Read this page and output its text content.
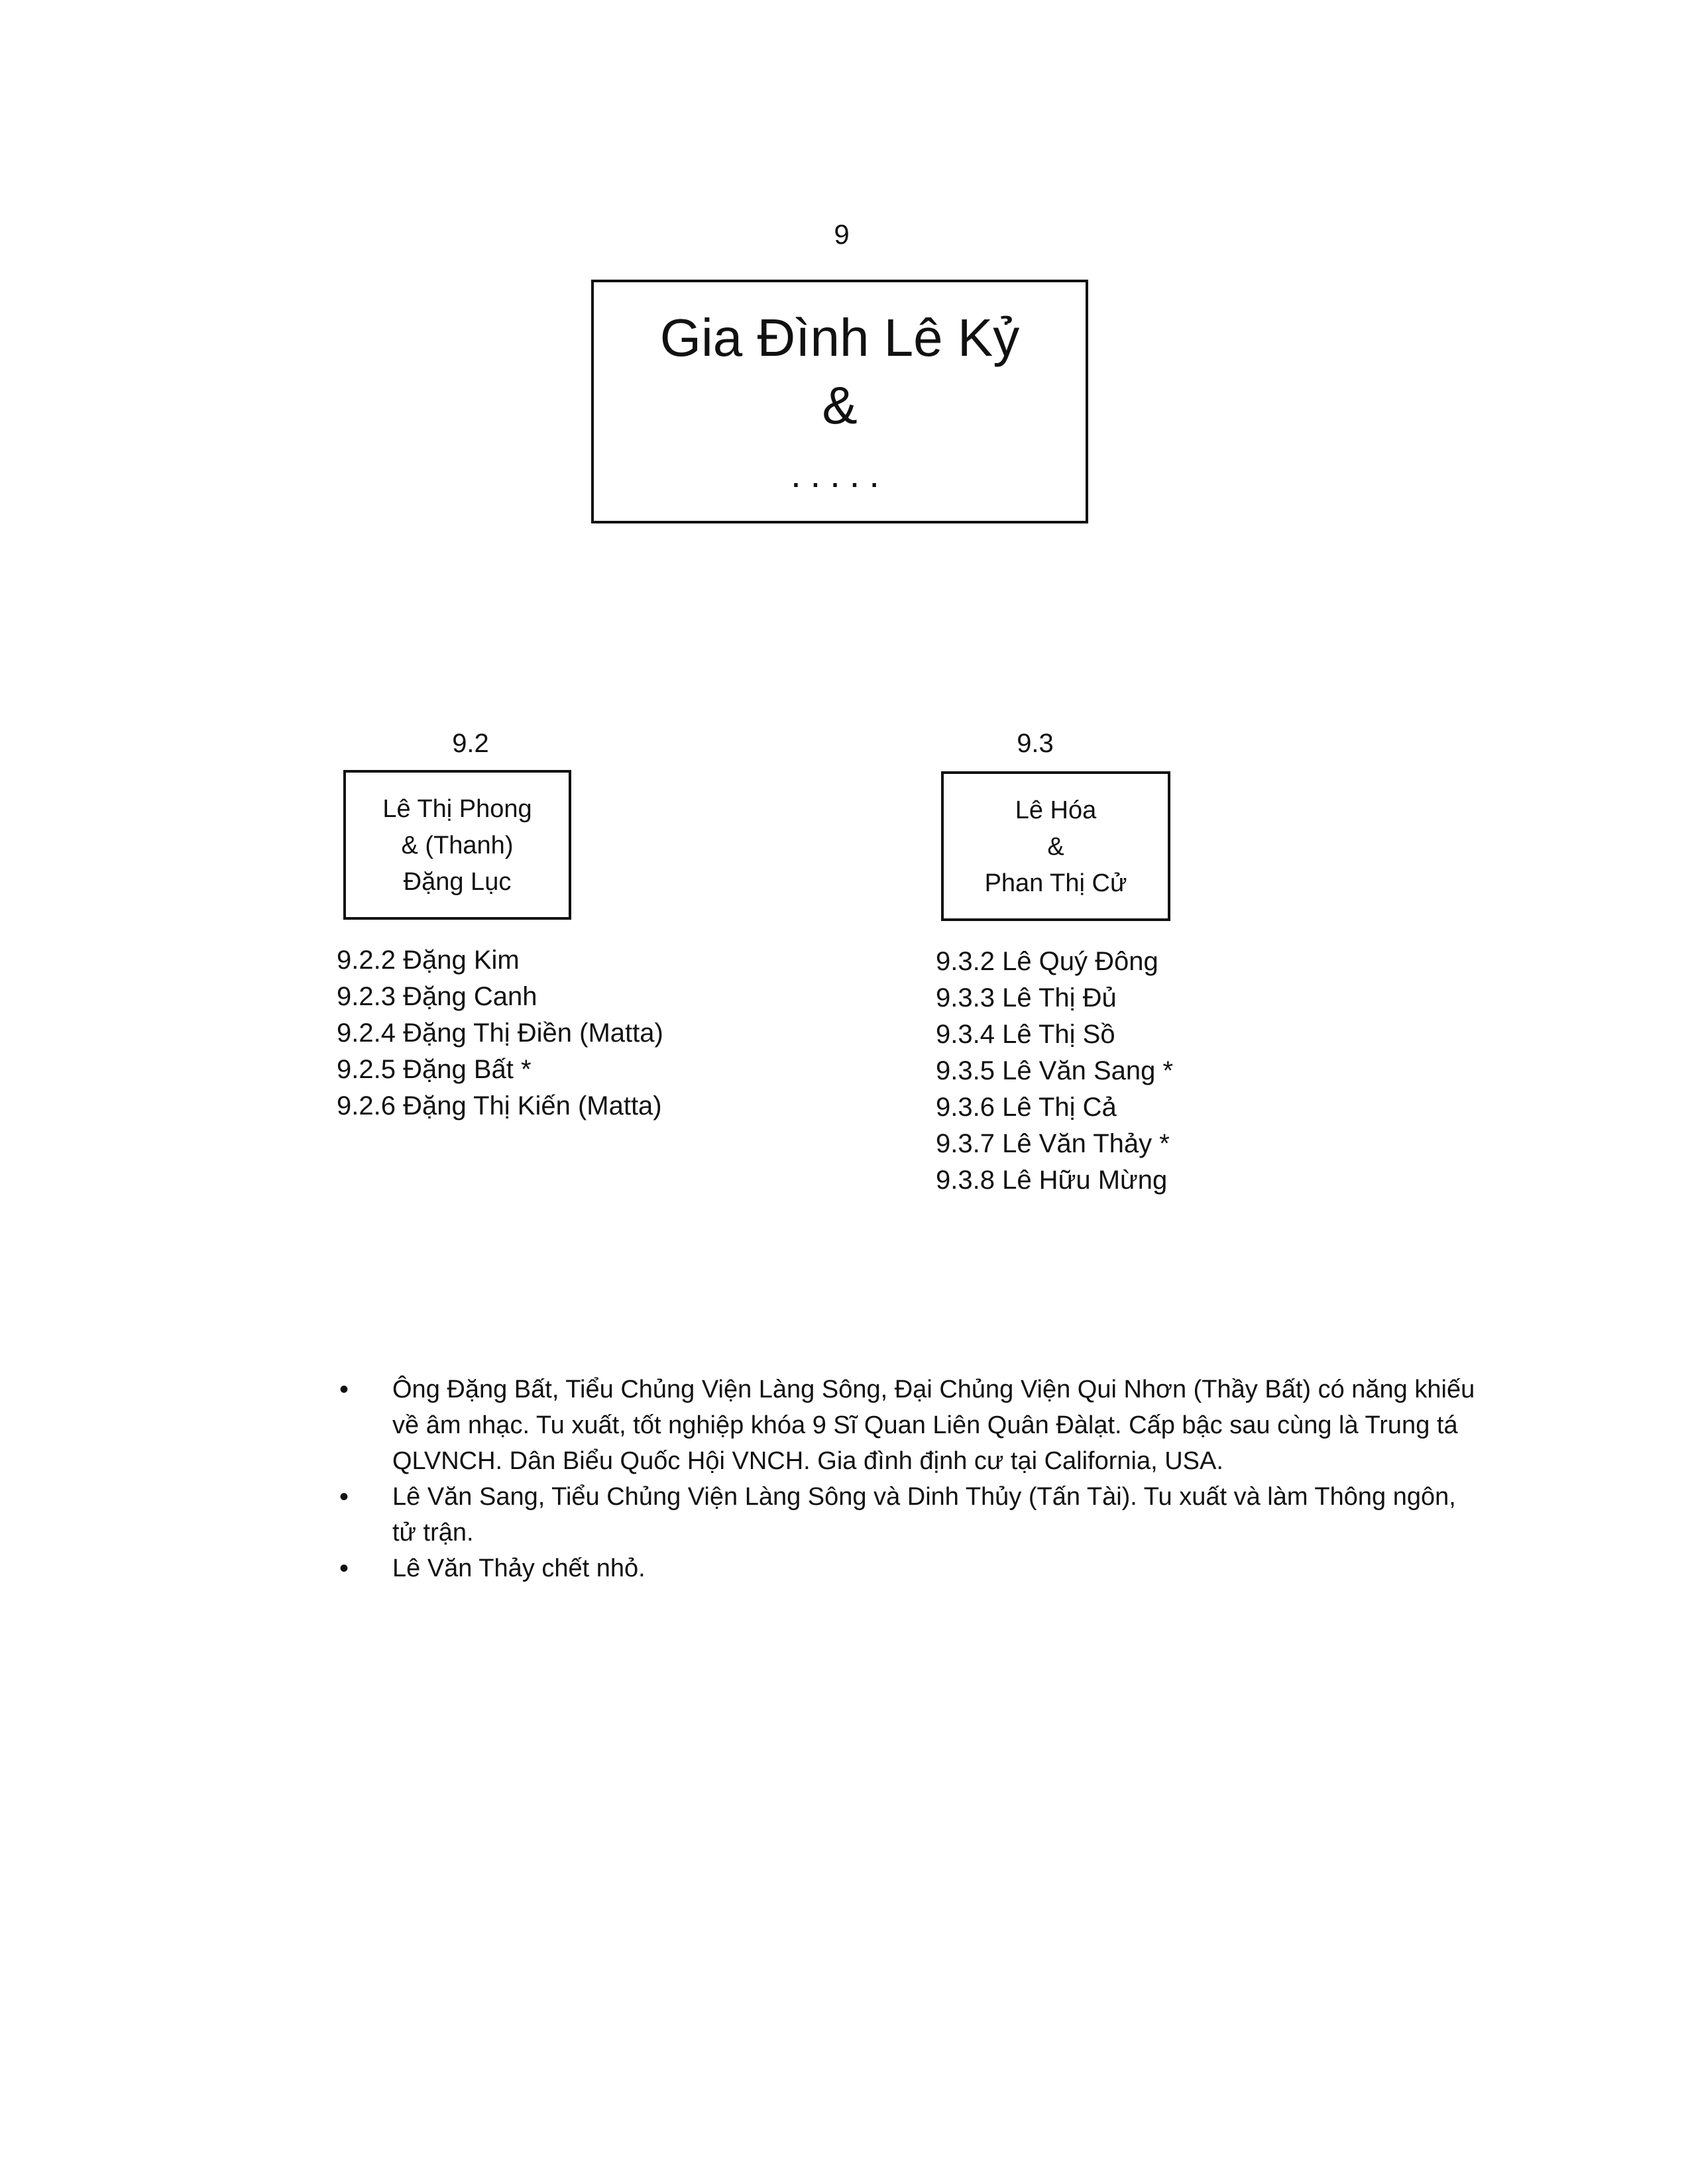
9
Gia Đình Lê Kỷ
&
.....
9.2
Lê Thị Phong
& (Thanh)
Đặng Lục
9.2.2 Đặng Kim
9.2.3 Đặng Canh
9.2.4 Đặng Thị Điền (Matta)
9.2.5 Đặng Bất *
9.2.6 Đặng Thị Kiến (Matta)
9.3
Lê Hóa
&
Phan Thị Cử
9.3.2 Lê Quý Đông
9.3.3 Lê Thị Đủ
9.3.4 Lê Thị Sồ
9.3.5 Lê Văn Sang *
9.3.6 Lê Thị Cả
9.3.7 Lê Văn Thảy *
9.3.8 Lê Hữu Mừng
•	Ông Đặng Bất, Tiểu Chủng Viện Làng Sông, Đại Chủng Viện Qui Nhơn (Thầy Bất) có năng khiếu về âm nhạc. Tu xuất, tốt nghiệp khóa 9 Sĩ Quan Liên Quân Đàlạt. Cấp bậc sau cùng là Trung tá QLVNCH. Dân Biểu Quốc Hội VNCH. Gia đình định cư tại California, USA.
•	Lê Văn Sang, Tiểu Chủng Viện Làng Sông và Dinh Thủy (Tấn Tài). Tu xuất và làm Thông ngôn, tử trận.
•	Lê Văn Thảy chết nhỏ.
